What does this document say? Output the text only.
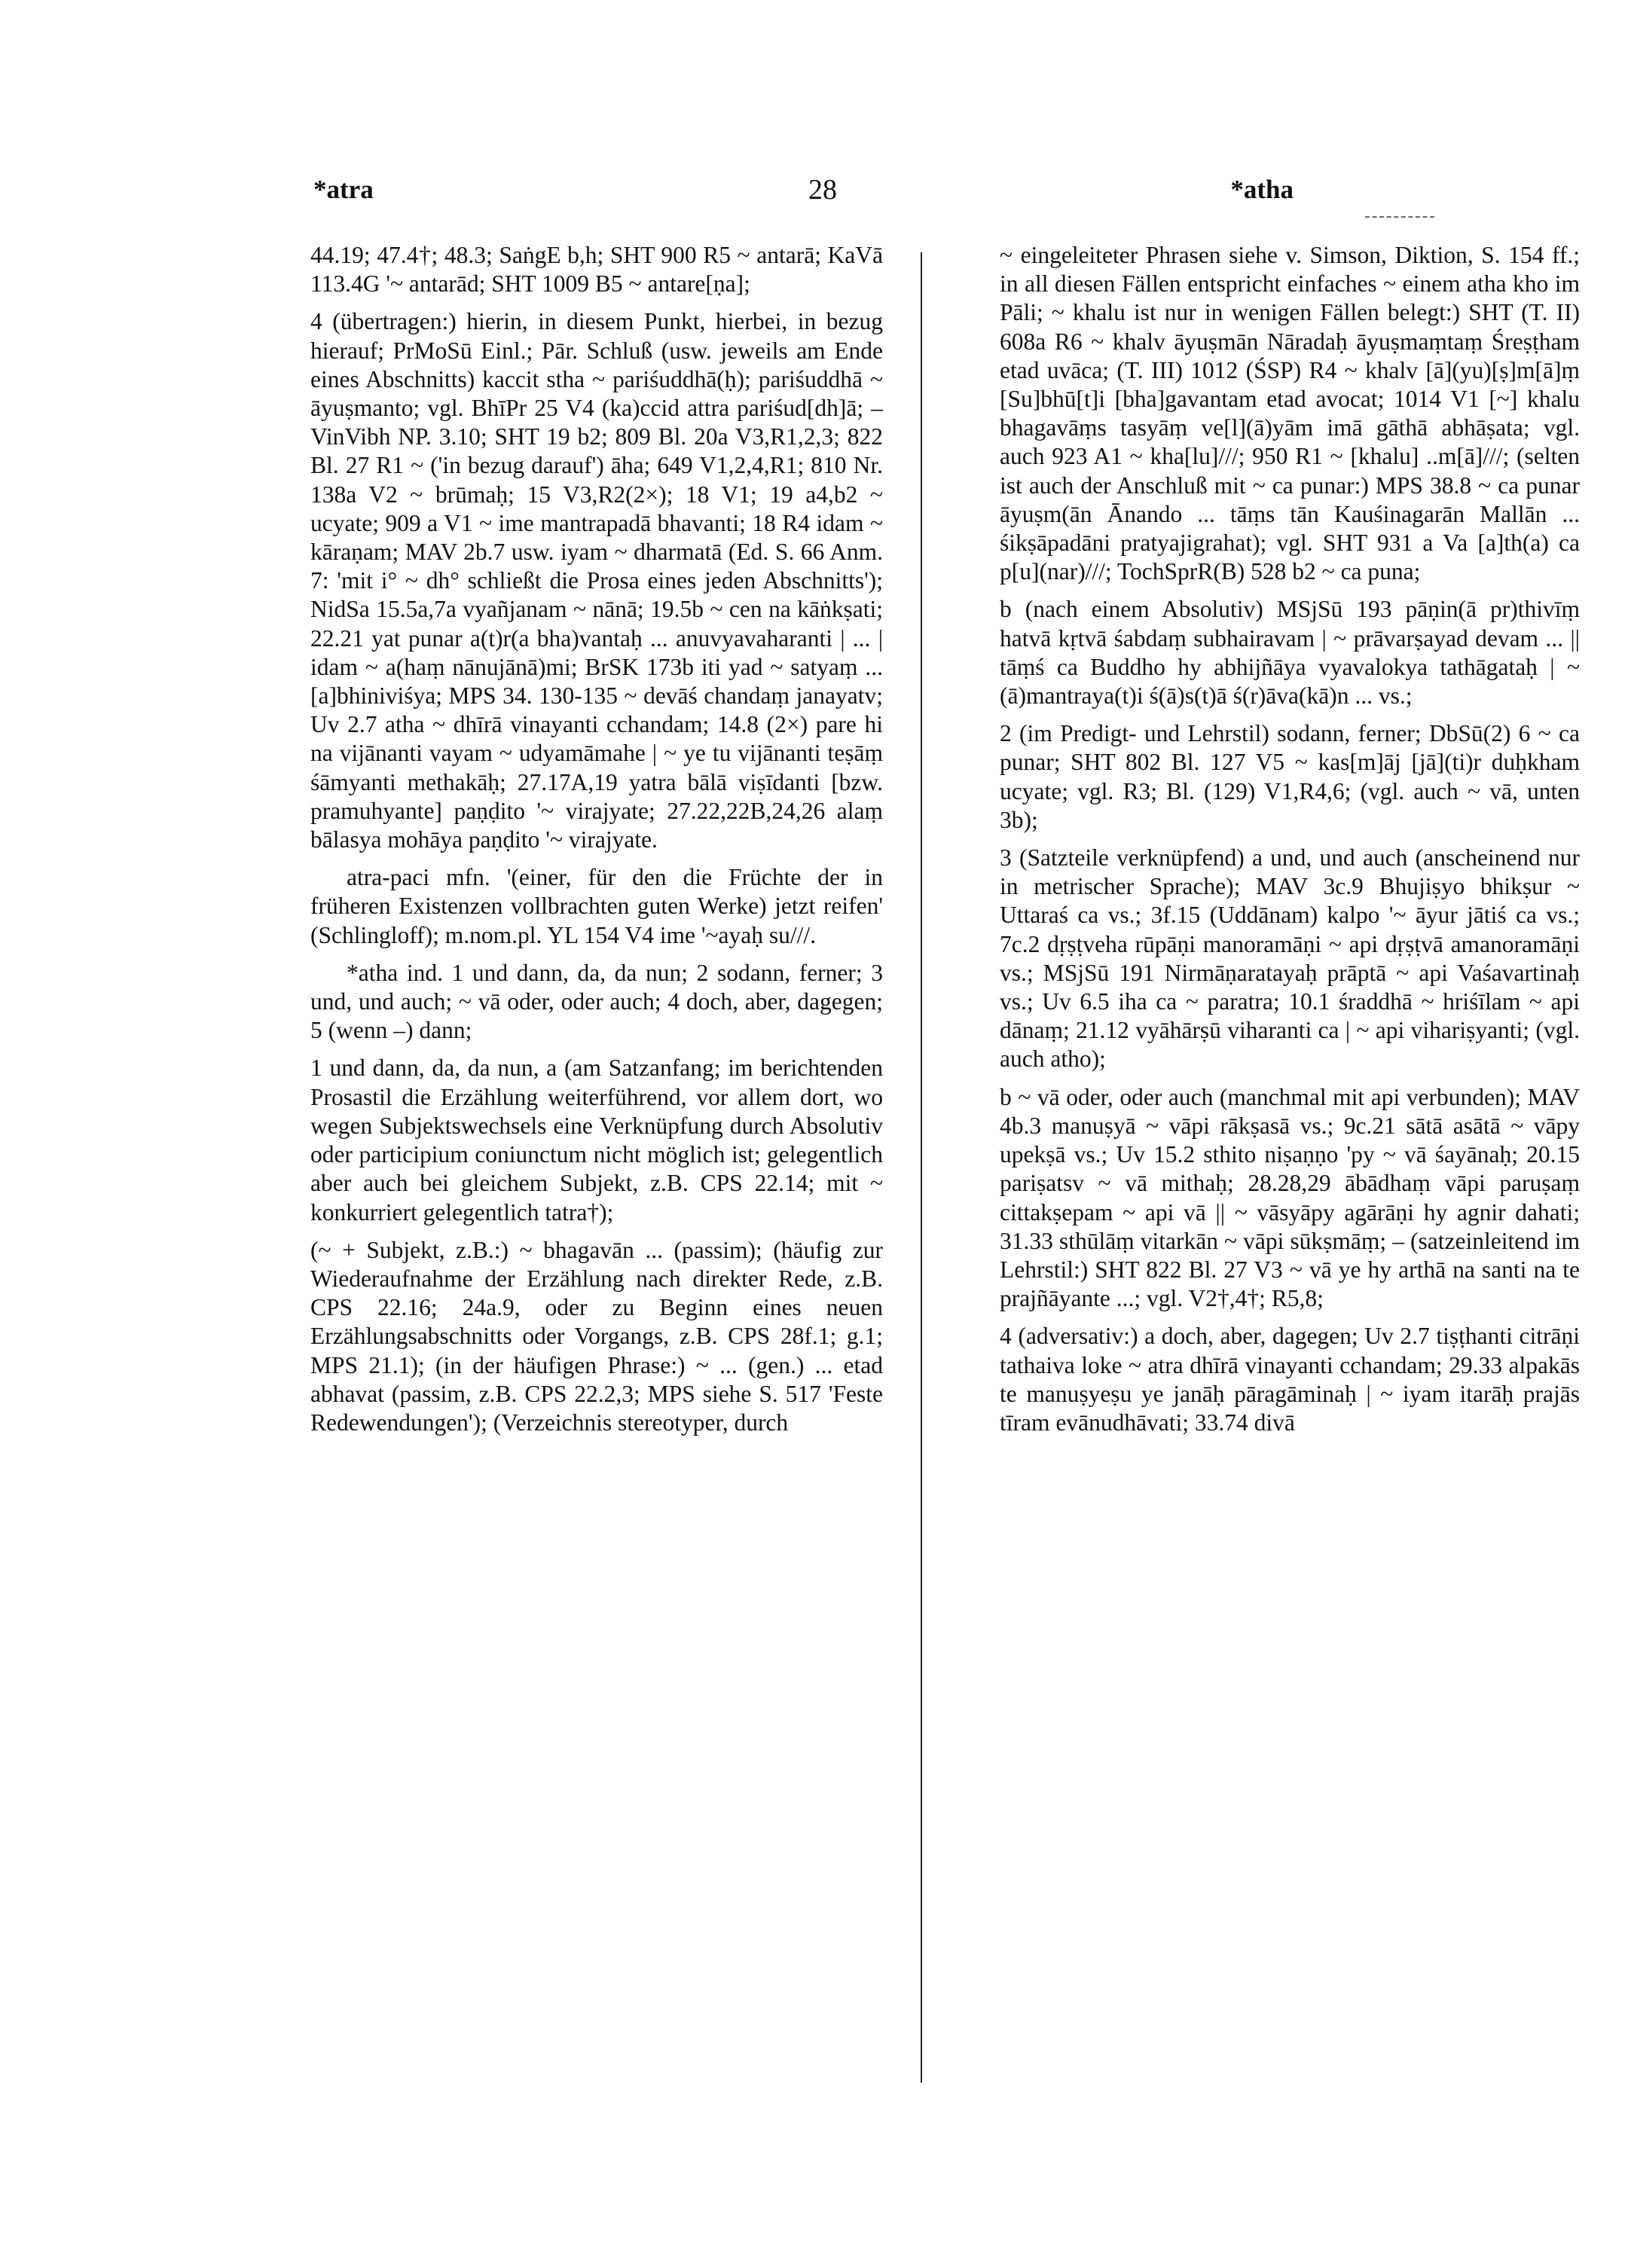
*atra	28	*atha

44.19; 47.4†; 48.3; SaṅgE b,h; SHT 900 R5 ~ antarā; KaVā 113.4G '~ antarād; SHT 1009 B5 ~ antare[ṇa];

4 (übertragen:) hierin, in diesem Punkt, hierbei, in bezug hierauf; PrMoSū Einl.; Pār. Schluß (usw. jeweils am Ende eines Abschnitts) kaccit stha ~ pariśuddhā(ḥ); pariśuddhā ~ āyuṣmanto; vgl. BhīPr 25 V4 (ka)ccid attra pariśud[dh]ā; – VinVibh NP. 3.10; SHT 19 b2; 809 Bl. 20a V3,R1,2,3; 822 Bl. 27 R1 ~ ('in bezug darauf') āha; 649 V1,2,4,R1; 810 Nr. 138a V2 ~ brūmaḥ; 15 V3,R2(2×); 18 V1; 19 a4,b2 ~ ucyate; 909 a V1 ~ ime mantrapadā bhavanti; 18 R4 idam ~ kāraṇam; MAV 2b.7 usw. iyam ~ dharmatā (Ed. S. 66 Anm. 7: 'mit i° ~ dh° schließt die Prosa eines jeden Abschnitts'); NidSa 15.5a,7a vyañjanam ~ nānā; 19.5b ~ cen na kāṅkṣati; 22.21 yat punar a(t)r(a bha)vantaḥ ... anuvyavaharanti | ... | idam ~ a(haṃ nānujānā)mi; BrSK 173b iti yad ~ satyaṃ ... [a]bhiniviśya; MPS 34. 130-135 ~ devāś chandaṃ janayatv; Uv 2.7 atha ~ dhīrā vinayanti cchandam; 14.8 (2×) pare hi na vijānanti vayam ~ udyamāmahe | ~ ye tu vijānanti teṣāṃ śāmyanti methakāḥ; 27.17A,19 yatra bālā viṣīdanti [bzw. pramuhyante] paṇḍito '~ virajyate; 27.22,22B,24,26 alaṃ bālasya mohāya paṇḍito '~ virajyate.

atra-paci mfn. '(einer, für den die Früchte der in früheren Existenzen vollbrachten guten Werke) jetzt reifen' (Schlingloff); m.nom.pl. YL 154 V4 ime '~ayaḥ su///.

*atha ind. 1 und dann, da, da nun; 2 sodann, ferner; 3 und, und auch; ~ vā oder, oder auch; 4 doch, aber, dagegen; 5 (wenn –) dann;

1 und dann, da, da nun, a (am Satzanfang; im berichtenden Prosastil die Erzählung weiterführend, vor allem dort, wo wegen Subjektswechsels eine Verknüpfung durch Absolutiv oder participium coniunctum nicht möglich ist; gelegentlich aber auch bei gleichem Subjekt, z.B. CPS 22.14; mit ~ konkurriert gelegentlich tatra†);

(~ + Subjekt, z.B.:) ~ bhagavān ... (passim); (häufig zur Wiederaufnahme der Erzählung nach direkter Rede, z.B. CPS 22.16; 24a.9, oder zu Beginn eines neuen Erzählungsabschnitts oder Vorgangs, z.B. CPS 28f.1; g.1; MPS 21.1); (in der häufigen Phrase:) ~ ... (gen.) ... etad abhavat (passim, z.B. CPS 22.2,3; MPS siehe S. 517 'Feste Redewendungen'); (Verzeichnis stereotyper, durch

~ eingeleiteter Phrasen siehe v. Simson, Diktion, S. 154 ff.; in all diesen Fällen entspricht einfaches ~ einem atha kho im Pāli; ~ khalu ist nur in wenigen Fällen belegt:) SHT (T. II) 608a R6 ~ khalv āyuṣmān Nāradaḥ āyuṣmaṃtaṃ Śreṣṭham etad uvāca; (T. III) 1012 (ŚSP) R4 ~ khalv [ā](yu)[ṣ]m[ā]ṃ [Su]bhū[t]i [bha]gavantam etad avocat; 1014 V1 [~] khalu bhagavāṃs tasyāṃ ve[l](ā)yām imā gāthā abhāṣata; vgl. auch 923 A1 ~ kha[lu]///; 950 R1 ~ [khalu] ..m[ā]///; (selten ist auch der Anschluß mit ~ ca punar:) MPS 38.8 ~ ca punar āyuṣm(ān Ānando ... tāṃs tān Kauśinagarān Mallān ... śikṣāpadāni pratyajigrahat); vgl. SHT 931 a Va [a]th(a) ca p[u](nar)///; TochSprR(B) 528 b2 ~ ca puna;

b (nach einem Absolutiv) MSjSū 193 pāṇin(ā pr)thivīṃ hatvā kṛtvā śabdaṃ subhairavam | ~ prāvarṣayad devam ... || tāṃś ca Buddho hy abhijñāya vyavalokya tathāgataḥ | ~ (ā)mantraya(t)i ś(ā)s(t)ā ś(r)āva(kā)n ... vs.;

2 (im Predigt- und Lehrstil) sodann, ferner; DbSū(2) 6 ~ ca punar; SHT 802 Bl. 127 V5 ~ kas[m]āj [jā](ti)r duḥkham ucyate; vgl. R3; Bl. (129) V1,R4,6; (vgl. auch ~ vā, unten 3b);

3 (Satzteile verknüpfend) a und, und auch (anscheinend nur in metrischer Sprache); MAV 3c.9 Bhujiṣyo bhikṣur ~ Uttaraś ca vs.; 3f.15 (Uddānam) kalpo '~ āyur jātiś ca vs.; 7c.2 dṛṣṭveha rūpāṇi manoramāṇi ~ api dṛṣṭvā amanoramāṇi vs.; MSjSū 191 Nirmāṇaratayaḥ prāptā ~ api Vaśavartinaḥ vs.; Uv 6.5 iha ca ~ paratra; 10.1 śraddhā ~ hriśīlam ~ api dānaṃ; 21.12 vyāhārṣū viharanti ca | ~ api vihariṣyanti; (vgl. auch atho);

b ~ vā oder, oder auch (manchmal mit api verbunden); MAV 4b.3 manuṣyā ~ vāpi rākṣasā vs.; 9c.21 sātā asātā ~ vāpy upekṣā vs.; Uv 15.2 sthito niṣaṇṇo 'py ~ vā śayānaḥ; 20.15 pariṣatsv ~ vā mithaḥ; 28.28,29 ābādhaṃ vāpi paruṣaṃ cittakṣepam ~ api vā || ~ vāsyāpy agārāṇi hy agnir dahati; 31.33 sthūlāṃ vitarkān ~ vāpi sūkṣmāṃ; – (satzeinleitend im Lehrstil:) SHT 822 Bl. 27 V3 ~ vā ye hy arthā na santi na te prajñāyante ...; vgl. V2†,4†; R5,8;

4 (adversativ:) a doch, aber, dagegen; Uv 2.7 tiṣṭhanti citrāṇi tathaiva loke ~ atra dhīrā vinayanti cchandam; 29.33 alpakās te manuṣyeṣu ye janāḥ pāragāminaḥ | ~ iyam itarāḥ prajās tīram evānudhāvati; 33.74 divā
